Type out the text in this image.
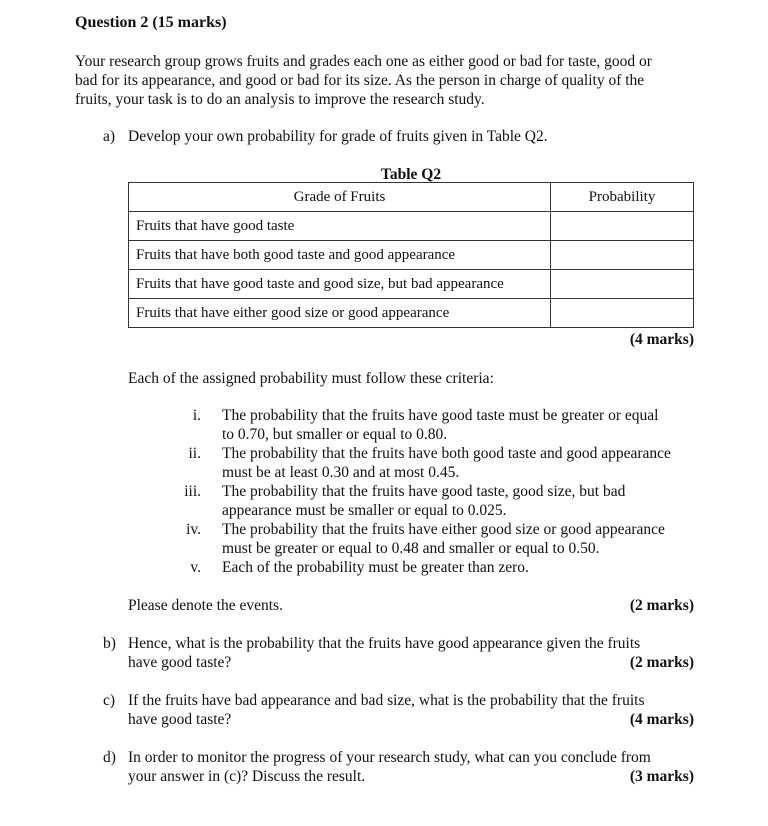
Question 2 (15 marks)
Your research group grows fruits and grades each one as either good or bad for taste, good or
bad for its appearance, and good or bad for its size. As the person in charge of quality of the
fruits, your task is to do an analysis to improve the research study.
a) Develop your own probability for grade of fruits given in Table Q2.
Table Q2
Grade of Fruits	Probability
Fruits that have good taste	
Fruits that have both good taste and good appearance	
Fruits that have good taste and good size, but bad appearance	
Fruits that have either good size or good appearance	
(4 marks)
Each of the assigned probability must follow these criteria:
i. The probability that the fruits have good taste must be greater or equal
to 0.70, but smaller or equal to 0.80.
ii. The probability that the fruits have both good taste and good appearance
must be at least 0.30 and at most 0.45.
iii. The probability that the fruits have good taste, good size, but bad
appearance must be smaller or equal to 0.025.
iv. The probability that the fruits have either good size or good appearance
must be greater or equal to 0.48 and smaller or equal to 0.50.
v. Each of the probability must be greater than zero.
Please denote the events.	(2 marks)
b) Hence, what is the probability that the fruits have good appearance given the fruits
have good taste?	(2 marks)
c) If the fruits have bad appearance and bad size, what is the probability that the fruits
have good taste?	(4 marks)
d) In order to monitor the progress of your research study, what can you conclude from
your answer in (c)? Discuss the result.	(3 marks)
